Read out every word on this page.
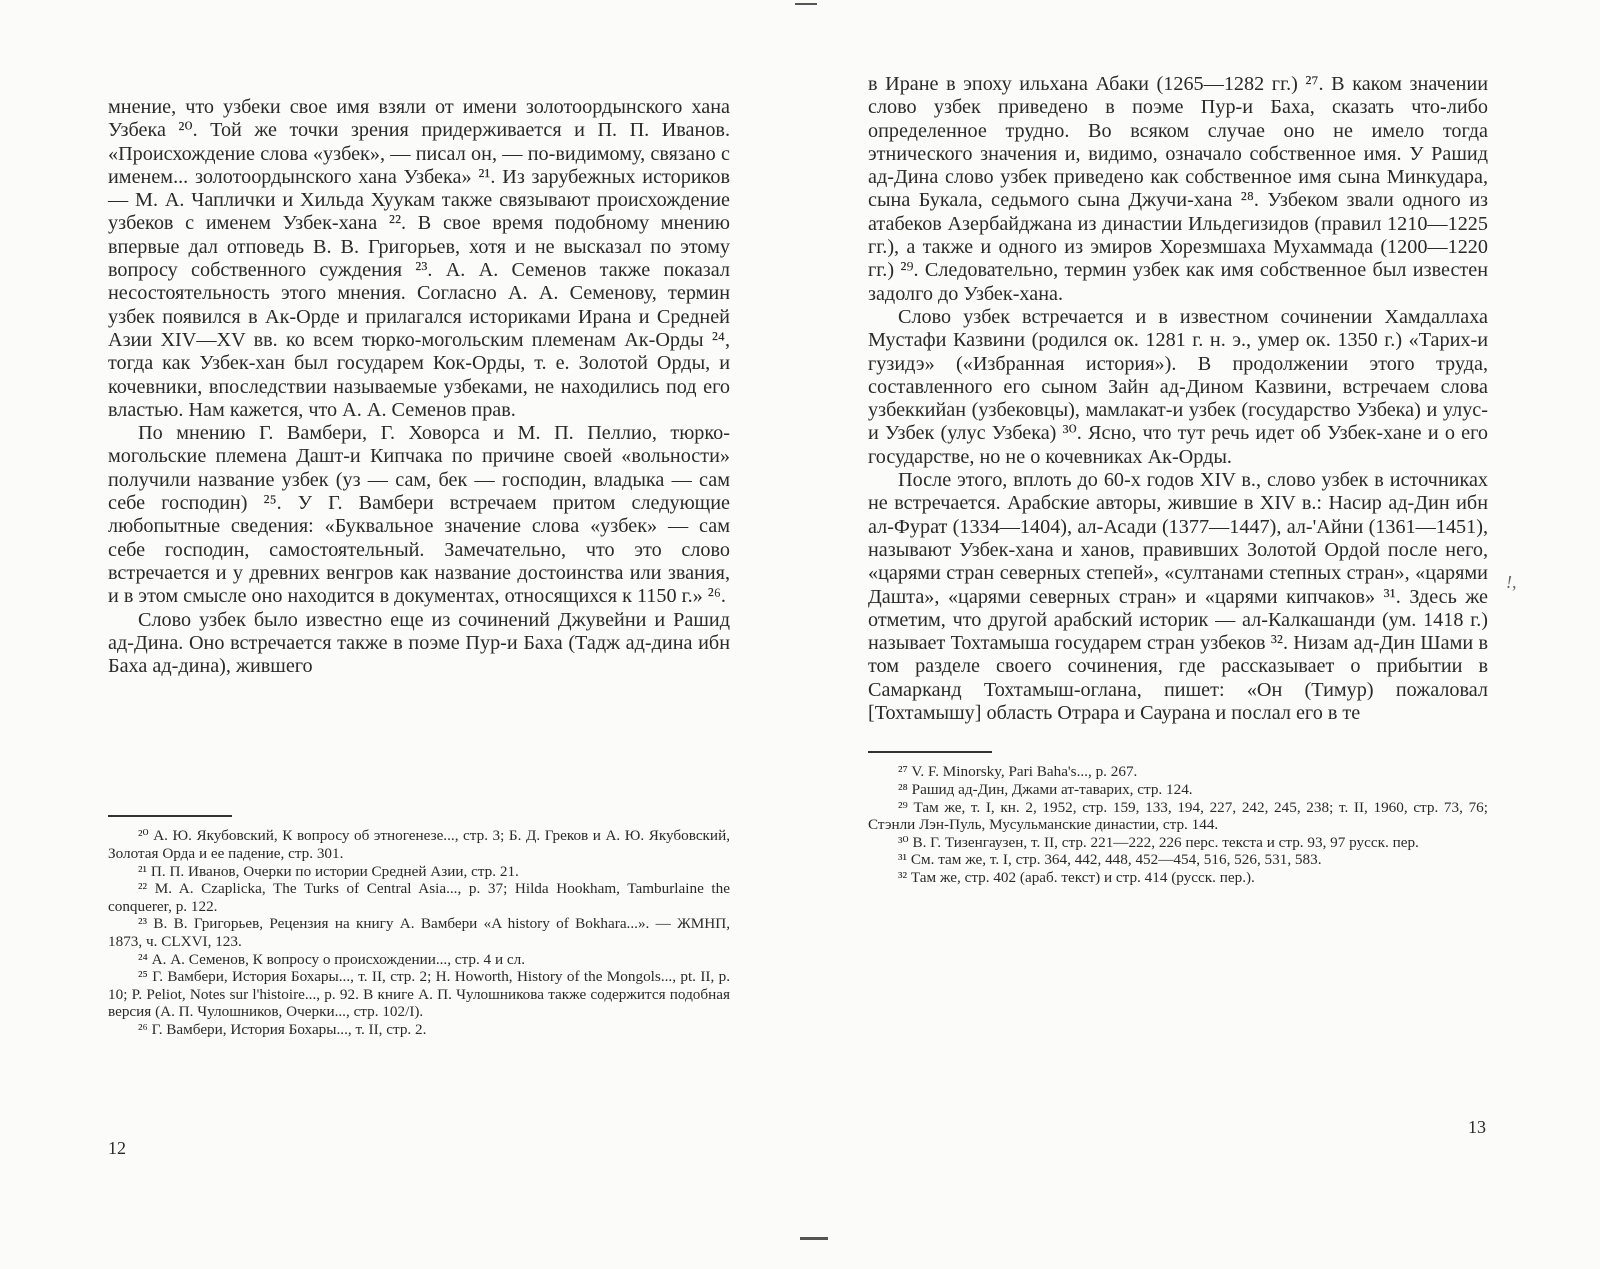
мнение, что узбеки свое имя взяли от имени золотоордынского хана Узбека ²⁰. Той же точки зрения придерживается и П. П. Иванов. «Происхождение слова «узбек», — писал он, — по-видимому, связано с именем... золотоордынского хана Узбека» ²¹. Из зарубежных историков — М. А. Чаплички и Хильда Хуукам также связывают происхождение узбеков с именем Узбек-хана ²². В свое время подобному мнению впервые дал отповедь В. В. Григорьев, хотя и не высказал по этому вопросу собственного суждения ²³. А. А. Семенов также показал несостоятельность этого мнения. Согласно А. А. Семенову, термин узбек появился в Ак-Орде и прилагался историками Ирана и Средней Азии XIV—XV вв. ко всем тюрко-могольским племенам Ак-Орды ²⁴, тогда как Узбек-хан был государем Кок-Орды, т. е. Золотой Орды, и кочевники, впоследствии называемые узбеками, не находились под его властью. Нам кажется, что А. А. Семенов прав.

По мнению Г. Вамбери, Г. Ховорса и М. П. Пеллио, тюрко-могольские племена Дашт-и Кипчака по причине своей «вольности» получили название узбек (уз — сам, бек — господин, владыка — сам себе господин) ²⁵. У Г. Вамбери встречаем притом следующие любопытные сведения: «Буквальное значение слова «узбек» — сам себе господин, самостоятельный. Замечательно, что это слово встречается и у древних венгров как название достоинства или звания, и в этом смысле оно находится в документах, относящихся к 1150 г.» ²⁶.

Слово узбек было известно еще из сочинений Джувейни и Рашид ад-Дина. Оно встречается также в поэме Пур-и Баха (Тадж ад-дина ибн Баха ад-дина), жившего

²⁰ А. Ю. Якубовский, К вопросу об этногенезе..., стр. 3; Б. Д. Греков и А. Ю. Якубовский, Золотая Орда и ее падение, стр. 301.

²¹ П. П. Иванов, Очерки по истории Средней Азии, стр. 21.

²² M. A. Czaplicka, The Turks of Central Asia..., p. 37; Hilda Hookham, Tamburlaine the conquerer, p. 122.

²³ В. В. Григорьев, Рецензия на книгу А. Вамбери «A history of Bokhara...». — ЖМНП, 1873, ч. CLXVI, 123.

²⁴ А. А. Семенов, К вопросу о происхождении..., стр. 4 и сл.

²⁵ Г. Вамбери, История Бохары..., т. II, стр. 2; H. Howorth, History of the Mongols..., pt. II, p. 10; P. Peliot, Notes sur l'histoire..., p. 92. В книге А. П. Чулошникова также содержится подобная версия (А. П. Чулошников, Очерки..., стр. 102/I).

²⁶ Г. Вамбери, История Бохары..., т. II, стр. 2.

12

в Иране в эпоху ильхана Абаки (1265—1282 гг.) ²⁷. В каком значении слово узбек приведено в поэме Пур-и Баха, сказать что-либо определенное трудно. Во всяком случае оно не имело тогда этнического значения и, видимо, означало собственное имя. У Рашид ад-Дина слово узбек приведено как собственное имя сына Минкудара, сына Букала, седьмого сына Джучи-хана ²⁸. Узбеком звали одного из атабеков Азербайджана из династии Ильдегизидов (правил 1210—1225 гг.), а также и одного из эмиров Хорезмшаха Мухаммада (1200—1220 гг.) ²⁹. Следовательно, термин узбек как имя собственное был известен задолго до Узбек-хана.

Слово узбек встречается и в известном сочинении Хамдаллаха Мустафи Казвини (родился ок. 1281 г. н. э., умер ок. 1350 г.) «Тарих-и гузидэ» («Избранная история»). В продолжении этого труда, составленного его сыном Зайн ад-Дином Казвини, встречаем слова узбеккийан (узбековцы), мамлакат-и узбек (государство Узбека) и улус-и Узбек (улус Узбека) ³⁰. Ясно, что тут речь идет об Узбек-хане и о его государстве, но не о кочевниках Ак-Орды.

После этого, вплоть до 60-х годов XIV в., слово узбек в источниках не встречается. Арабские авторы, жившие в XIV в.: Насир ад-Дин ибн ал-Фурат (1334—1404), ал-Асади (1377—1447), ал-'Айни (1361—1451), называют Узбек-хана и ханов, правивших Золотой Ордой после него, «царями стран северных степей», «султанами степных стран», «царями Дашта», «царями северных стран» и «царями кипчаков» ³¹. Здесь же отметим, что другой арабский историк — ал-Калкашанди (ум. 1418 г.) называет Тохтамыша государем стран узбеков ³². Низам ад-Дин Шами в том разделе своего сочинения, где рассказывает о прибытии в Самарканд Тохтамыш-оглана, пишет: «Он (Тимур) пожаловал [Тохтамышу] область Отрара и Саурана и послал его в те

²⁷ V. F. Minorsky, Pari Baha's..., p. 267.

²⁸ Рашид ад-Дин, Джами ат-таварих, стр. 124.

²⁹ Там же, т. I, кн. 2, 1952, стр. 159, 133, 194, 227, 242, 245, 238; т. II, 1960, стр. 73, 76; Стэнли Лэн-Пуль, Мусульманские династии, стр. 144.

³⁰ В. Г. Тизенгаузен, т. II, стр. 221—222, 226 перс. текста и стр. 93, 97 русск. пер.

³¹ См. там же, т. I, стр. 364, 442, 448, 452—454, 516, 526, 531, 583.

³² Там же, стр. 402 (араб. текст) и стр. 414 (русск. пер.).

13
!,
